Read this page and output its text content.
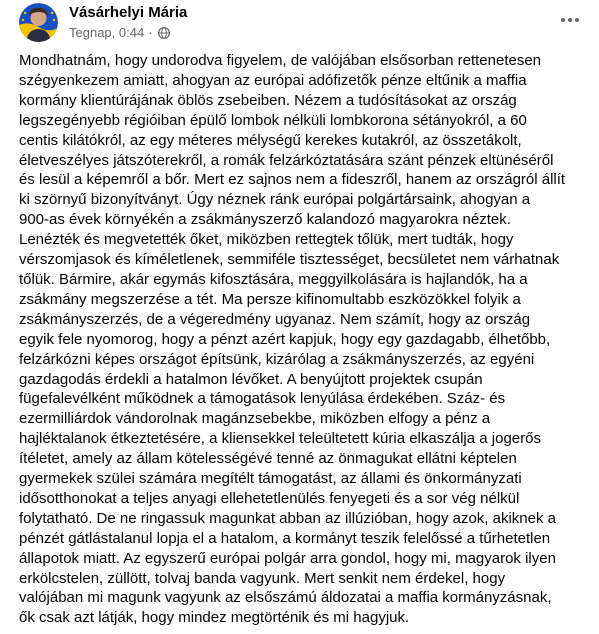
Vásárhelyi Mária
Tegnap, 0:44 ·

Mondhatnám, hogy undorodva figyelem, de valójában elsősorban rettenetesen
szégyenkezem amiatt, ahogyan az európai adófizetők pénze eltűnik a maffia
kormány klientúrájának öblös zsebeiben. Nézem a tudósításokat az ország
legszegényebb régióiban épülő lombok nélküli lombkorona sétányokról, a 60
centis kilátókról, az egy méteres mélységű kerekes kutakról, az összetákolt,
életveszélyes játszóterekről, a romák felzárkóztatására szánt pénzek eltünéséről
és lesül a képemről a bőr. Mert ez sajnos nem a fideszről, hanem az országról állít
ki szörnyű bizonyítványt. Úgy néznek ránk európai polgártársaink, ahogyan a
900-as évek környékén a zsákmányszerző kalandozó magyarokra néztek.
Lenézték és megvetették őket, miközben rettegtek tőlük, mert tudták, hogy
vérszomjasok és kíméletlenek, semmiféle tisztességet, becsületet nem várhatnak
tőlük. Bármire, akár egymás kifosztására, meggyilkolására is hajlandók, ha a
zsákmány megszerzése a tét. Ma persze kifinomultabb eszközökkel folyik a
zsákmányszerzés, de a végeredmény ugyanaz. Nem számít, hogy az ország
egyik fele nyomorog, hogy a pénzt azért kapjuk, hogy egy gazdagabb, élhetőbb,
felzárkózni képes országot építsünk, kizárólag a zsákmányszerzés, az egyéni
gazdagodás érdekli a hatalmon lévőket. A benyújtott projektek csupán
fügefalevélként működnek a támogatások lenyúlása érdekében. Száz- és
ezermilliárdok vándorolnak magánzsebekbe, miközben elfogy a pénz a
hajléktalanok étkeztetésére, a kliensekkel teleültetett kúria elkaszálja a jogerős
ítéletet, amely az állam kötelességévé tenné az önmagukat ellátni képtelen
gyermekek szülei számára megítélt támogatást, az állami és önkormányzati
idősotthonokat a teljes anyagi ellehetetlenülés fenyegeti és a sor vég nélkül
folytatható. De ne ringassuk magunkat abban az illúzióban, hogy azok, akiknek a
pénzét gátlástalanul lopja el a hatalom, a kormányt teszik felelőssé a tűrhetetlen
állapotok miatt. Az egyszerű európai polgár arra gondol, hogy mi, magyarok ilyen
erkölcstelen, züllött, tolvaj banda vagyunk. Mert senkit nem érdekel, hogy
valójában mi magunk vagyunk az elsőszámú áldozatai a maffia kormányzásnak,
ők csak azt látják, hogy mindez megtörténik és mi hagyjuk.
